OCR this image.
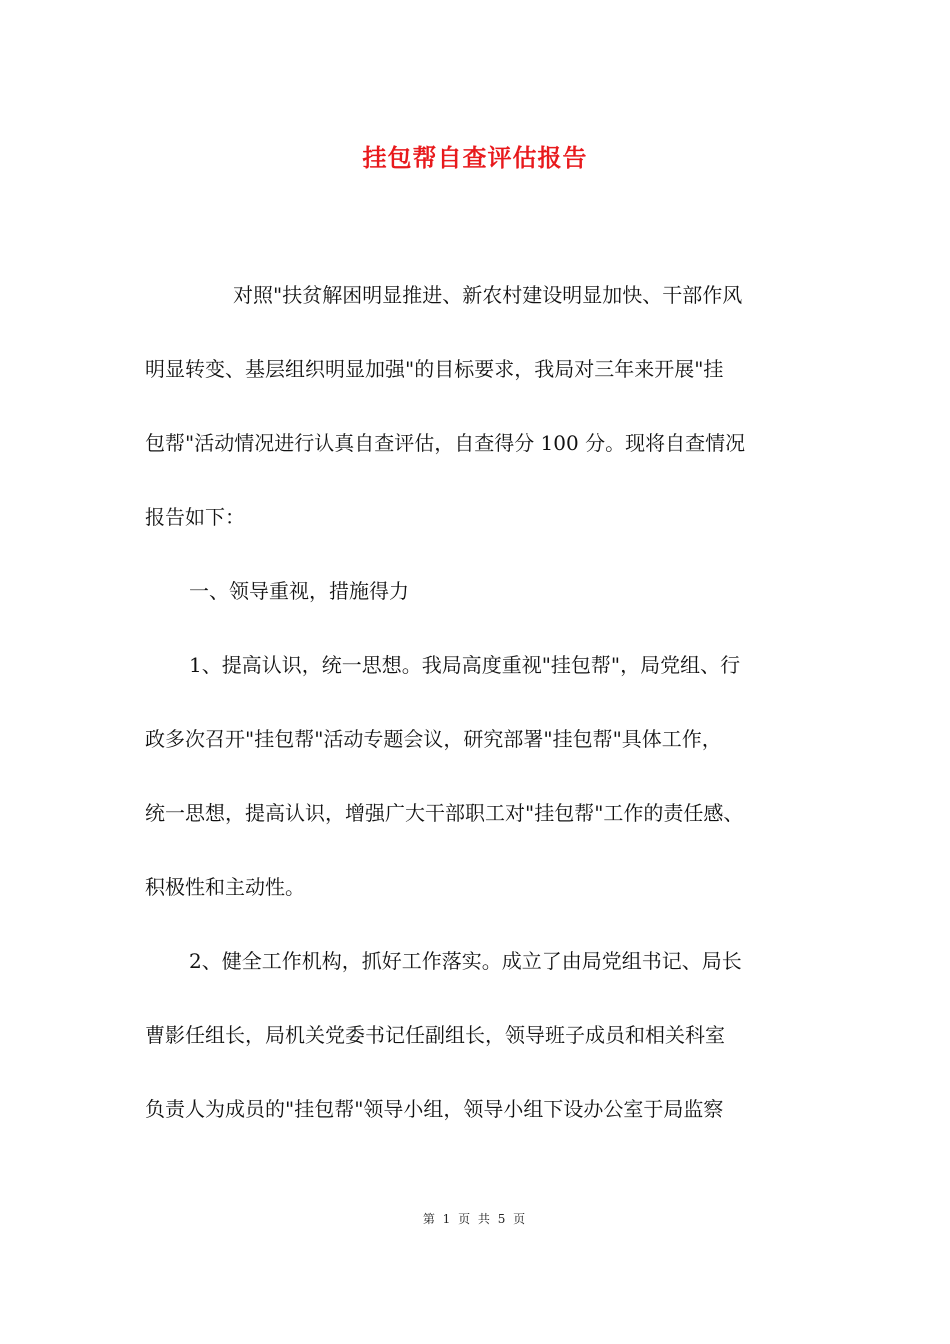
挂包帮自查评估报告
对照"扶贫解困明显推进、新农村建设明显加快、干部作风
明显转变、基层组织明显加强"的目标要求，我局对三年来开展"挂
包帮"活动情况进行认真自查评估，自查得分 100 分。现将自查情况
报告如下：
一、领导重视，措施得力
1、提高认识，统一思想。我局高度重视"挂包帮"，局党组、行
政多次召开"挂包帮"活动专题会议，研究部署"挂包帮"具体工作，
统一思想，提高认识，增强广大干部职工对"挂包帮"工作的责任感、
积极性和主动性。
2、健全工作机构，抓好工作落实。成立了由局党组书记、局长
曹影任组长，局机关党委书记任副组长，领导班子成员和相关科室
负责人为成员的"挂包帮"领导小组，领导小组下设办公室于局监察
第 1 页 共 5 页
